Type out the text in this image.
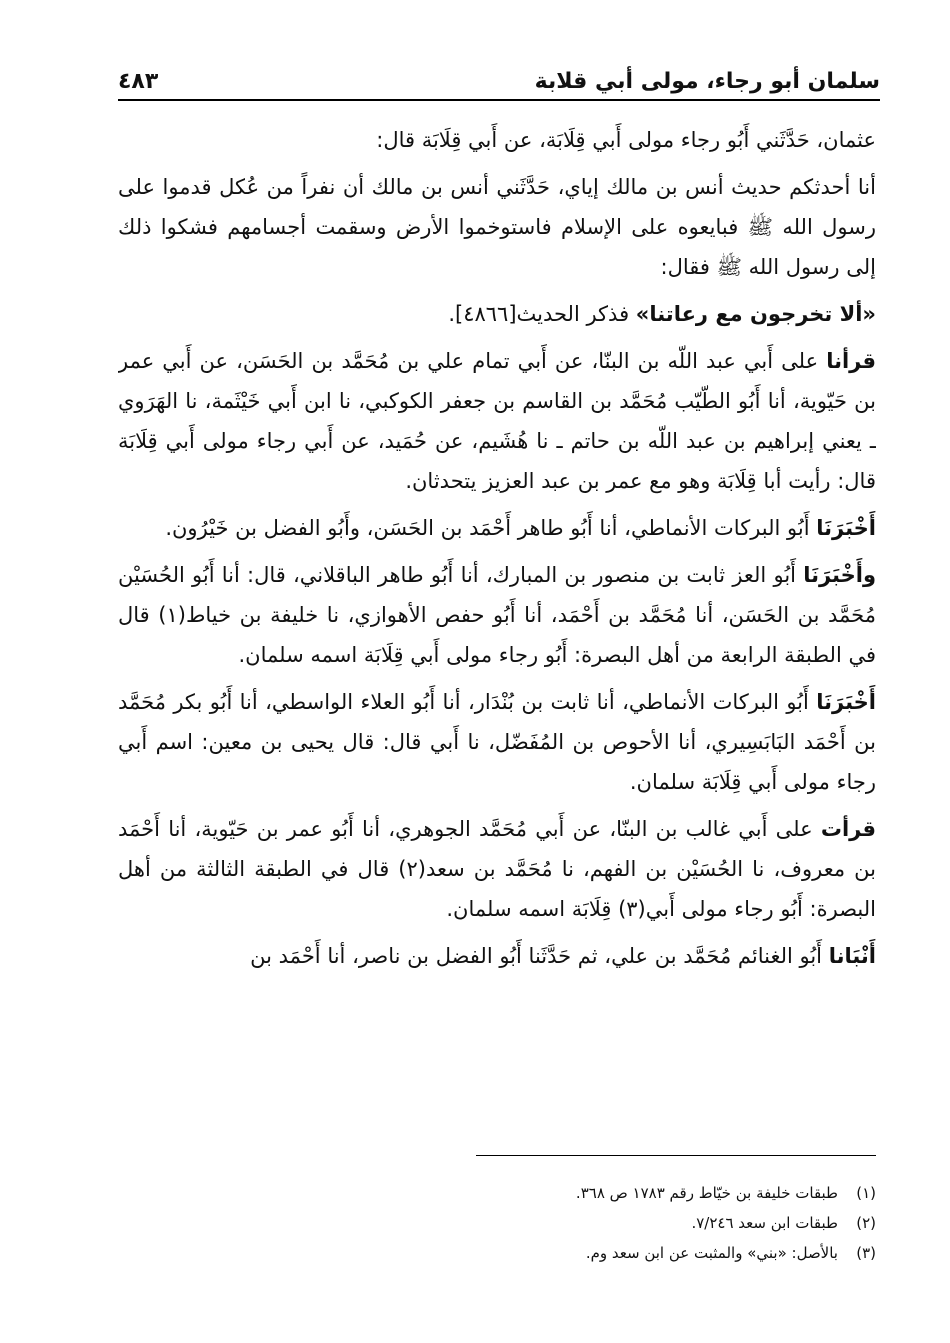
سلمان أبو رجاء، مولى أبي قلابة
٤٨٣

عثمان، حَدَّثَني أَبُو رجاء مولى أَبي قِلَابَة، عن أَبي قِلَابَة قال:

أنا أحدثكم حديث أنس بن مالك إياي، حَدَّثَني أنس بن مالك أن نفراً من عُكل قدموا على رسول الله ﷺ فبايعوه على الإسلام فاستوخموا الأرض وسقمت أجسامهم فشكوا ذلك إلى رسول الله ﷺ فقال:

«ألا تخرجون مع رعاتنا» فذكر الحديث[٤٨٦٦].

قرأنا على أَبي عبد اللّه بن البنّا، عن أَبي تمام علي بن مُحَمَّد بن الحَسَن، عن أَبي عمر بن حَيّوية، أنا أَبُو الطّيّب مُحَمَّد بن القاسم بن جعفر الكوكبي، نا ابن أَبي خَيْثَمة، نا الهَرَوي ـ يعني إبراهيم بن عبد اللّه بن حاتم ـ نا هُشَيم، عن حُمَيد، عن أَبي رجاء مولى أَبي قِلَابَة قال: رأيت أبا قِلَابَة وهو مع عمر بن عبد العزيز يتحدثان.

أَخْبَرَنَا أَبُو البركات الأنماطي، أنا أَبُو طاهر أَحْمَد بن الحَسَن، وأَبُو الفضل بن خَيْرُون.

وأَخْبَرَنَا أَبُو العز ثابت بن منصور بن المبارك، أنا أَبُو طاهر الباقلاني، قال: أنا أَبُو الحُسَيْن مُحَمَّد بن الحَسَن، أنا مُحَمَّد بن أَحْمَد، أنا أَبُو حفص الأهوازي، نا خليفة بن خياط(١) قال في الطبقة الرابعة من أهل البصرة: أَبُو رجاء مولى أَبي قِلَابَة اسمه سلمان.

أَخْبَرَنَا أَبُو البركات الأنماطي، أنا ثابت بن بُنْدَار، أنا أَبُو العلاء الواسطي، أنا أَبُو بكر مُحَمَّد بن أَحْمَد البَابَسِيري، أنا الأحوص بن المُفَضّل، نا أَبي قال: قال يحيى بن معين: اسم أَبي رجاء مولى أَبي قِلَابَة سلمان.

قرأت على أَبي غالب بن البنّا، عن أَبي مُحَمَّد الجوهري، أنا أَبُو عمر بن حَيّوية، أنا أَحْمَد بن معروف، نا الحُسَيْن بن الفهم، نا مُحَمَّد بن سعد(٢) قال في الطبقة الثالثة من أهل البصرة: أَبُو رجاء مولى أَبي(٣) قِلَابَة اسمه سلمان.

أَنْبَانا أَبُو الغنائم مُحَمَّد بن علي، ثم حَدَّثَنا أَبُو الفضل بن ناصر، أنا أَحْمَد بن

(١)
طبقات خليفة بن خيّاط رقم ١٧٨٣ ص ٣٦٨.
(٢)
طبقات ابن سعد ٧/٢٤٦.
(٣)
بالأصل: «بني» والمثبت عن ابن سعد وم.
